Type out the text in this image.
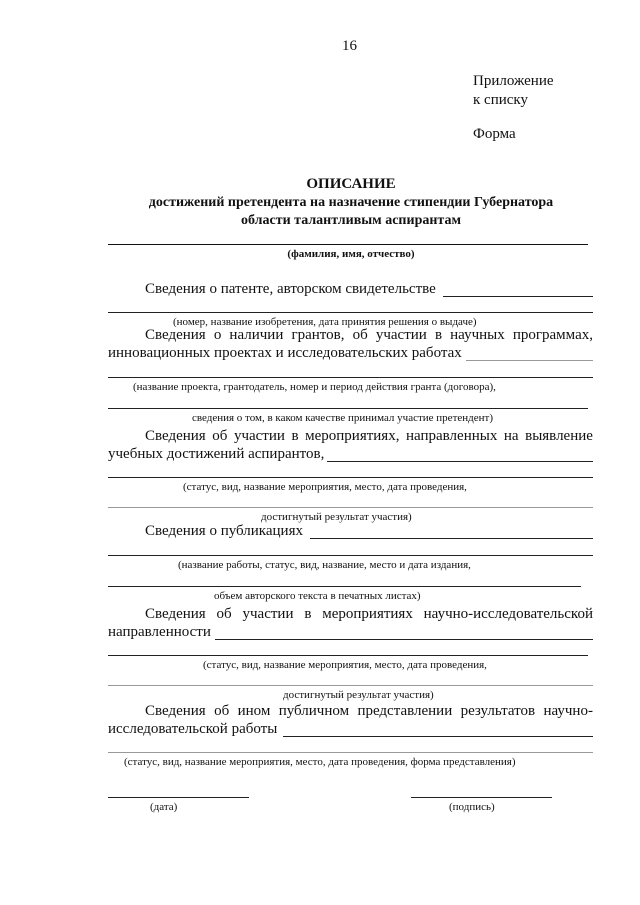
16
Приложение
к списку
Форма
ОПИСАНИЕ
достижений претендента на назначение стипендии Губернатора
области талантливым аспирантам
(фамилия, имя, отчество)
Сведения о патенте, авторском свидетельстве
(номер, название изобретения, дата принятия решения о выдаче)
Сведения о наличии грантов, об участии в научных программах,
инновационных проектах и исследовательских работах
(название проекта, грантодатель, номер и период действия гранта (договора),
сведения о том, в каком качестве принимал участие претендент)
Сведения об участии в мероприятиях, направленных на выявление
учебных достижений аспирантов,
(статус, вид, название мероприятия, место, дата проведения,
достигнутый результат участия)
Сведения о публикациях
(название работы, статус, вид, название, место и дата издания,
объем авторского текста в печатных листах)
Сведения об участии в мероприятиях научно-исследовательской
направленности
(статус, вид, название мероприятия, место, дата проведения,
достигнутый результат участия)
Сведения об ином публичном представлении результатов научно-
исследовательской работы
(статус, вид, название мероприятия, место, дата проведения, форма представления)
(дата)	(подпись)
